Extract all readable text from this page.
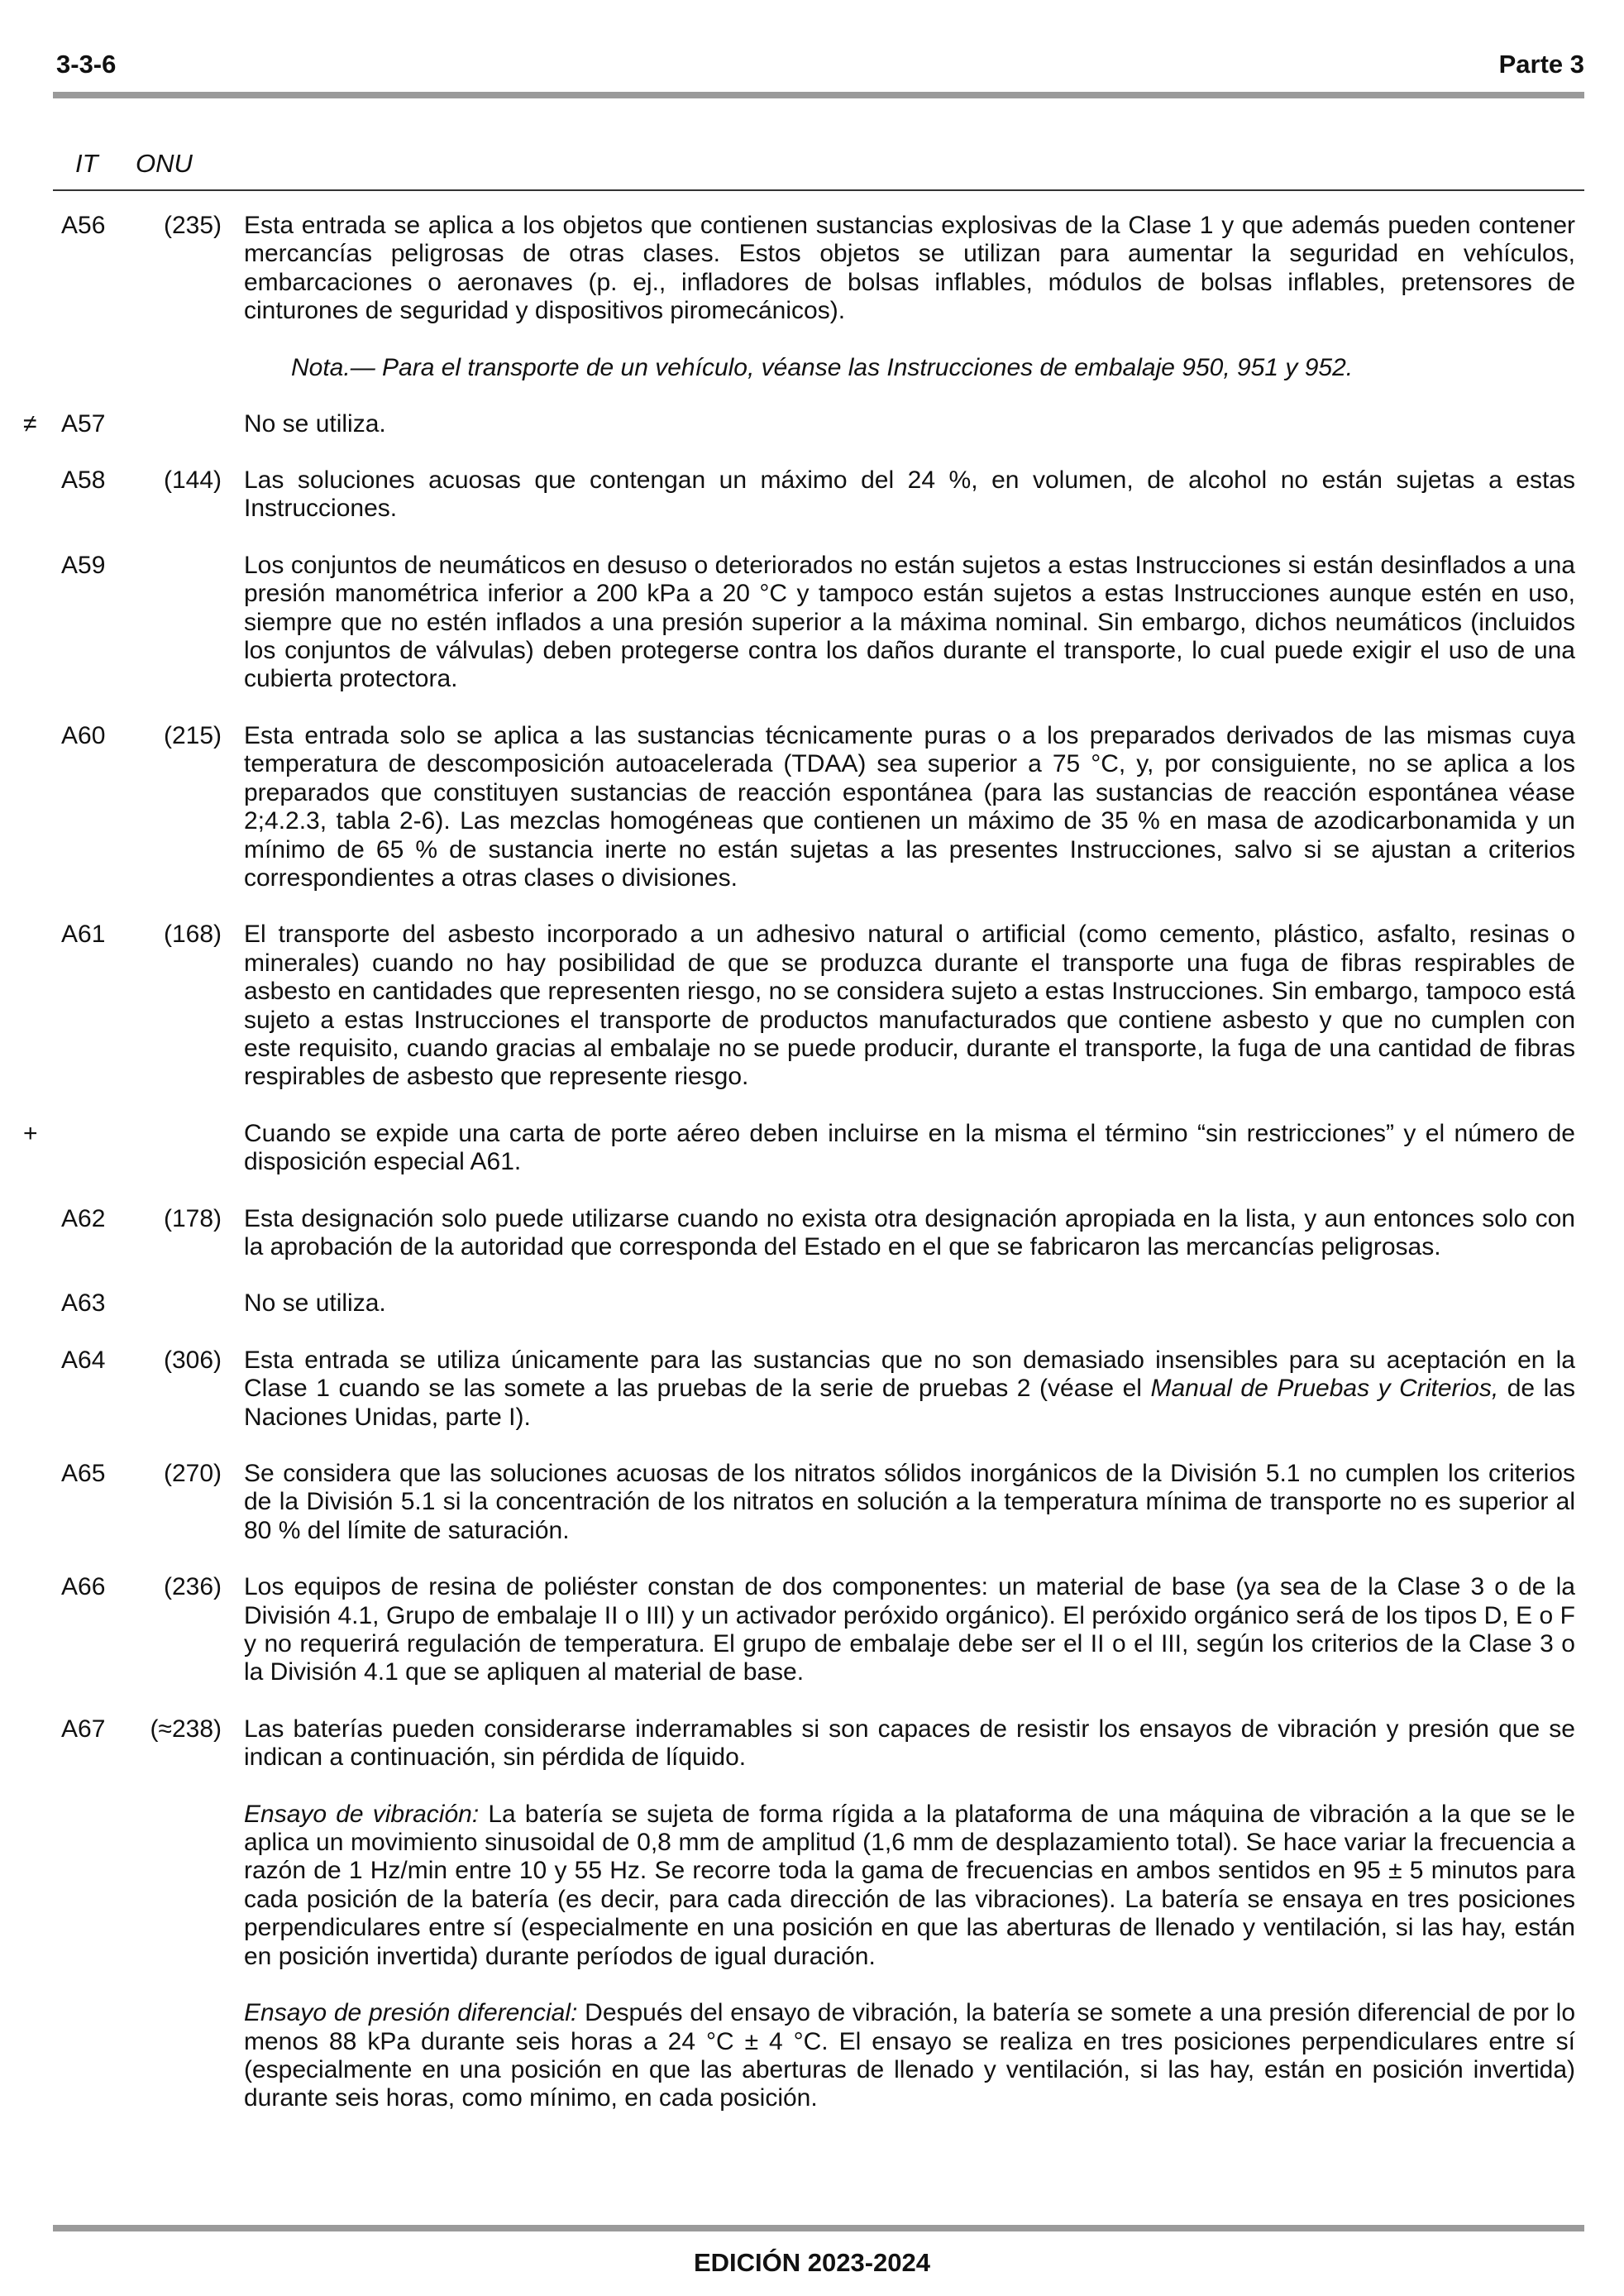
3-3-6	Parte 3
IT ONU
A56	(235) Esta entrada se aplica a los objetos que contienen sustancias explosivas de la Clase 1 y que además pueden contener mercancías peligrosas de otras clases. Estos objetos se utilizan para aumentar la seguridad en vehículos, embarcaciones o aeronaves (p. ej., infladores de bolsas inflables, módulos de bolsas inflables, pretensores de cinturones de seguridad y dispositivos piromecánicos).

Nota.— Para el transporte de un vehículo, véanse las Instrucciones de embalaje 950, 951 y 952.
≠ A57	No se utiliza.

A58	(144) Las soluciones acuosas que contengan un máximo del 24 %, en volumen, de alcohol no están sujetas a estas Instrucciones.

A59	Los conjuntos de neumáticos en desuso o deteriorados no están sujetos a estas Instrucciones si están desinflados a una presión manométrica inferior a 200 kPa a 20 °C y tampoco están sujetos a estas Instrucciones aunque estén en uso, siempre que no estén inflados a una presión superior a la máxima nominal. Sin embargo, dichos neumáticos (incluidos los conjuntos de válvulas) deben protegerse contra los daños durante el transporte, lo cual puede exigir el uso de una cubierta protectora.

A60	(215) Esta entrada solo se aplica a las sustancias técnicamente puras o a los preparados derivados de las mismas cuya temperatura de descomposición autoacelerada (TDAA) sea superior a 75 °C, y, por consiguiente, no se aplica a los preparados que constituyen sustancias de reacción espontánea (para las sustancias de reacción espontánea véase 2;4.2.3, tabla 2-6). Las mezclas homogéneas que contienen un máximo de 35 % en masa de azodicarbonamida y un mínimo de 65 % de sustancia inerte no están sujetas a las presentes Instrucciones, salvo si se ajustan a criterios correspondientes a otras clases o divisiones.

A61	(168) El transporte del asbesto incorporado a un adhesivo natural o artificial (como cemento, plástico, asfalto, resinas o minerales) cuando no hay posibilidad de que se produzca durante el transporte una fuga de fibras respirables de asbesto en cantidades que representen riesgo, no se considera sujeto a estas Instrucciones. Sin embargo, tampoco está sujeto a estas Instrucciones el transporte de productos manufacturados que contiene asbesto y que no cumplen con este requisito, cuando gracias al embalaje no se puede producir, durante el transporte, la fuga de una cantidad de fibras respirables de asbesto que represente riesgo.

+	Cuando se expide una carta de porte aéreo deben incluirse en la misma el término “sin restricciones” y el número de disposición especial A61.

A62	(178) Esta designación solo puede utilizarse cuando no exista otra designación apropiada en la lista, y aun entonces solo con la aprobación de la autoridad que corresponda del Estado en el que se fabricaron las mercancías peligrosas.

A63	No se utiliza.

A64	(306) Esta entrada se utiliza únicamente para las sustancias que no son demasiado insensibles para su aceptación en la Clase 1 cuando se las somete a las pruebas de la serie de pruebas 2 (véase el Manual de Pruebas y Criterios, de las Naciones Unidas, parte I).

A65	(270) Se considera que las soluciones acuosas de los nitratos sólidos inorgánicos de la División 5.1 no cumplen los criterios de la División 5.1 si la concentración de los nitratos en solución a la temperatura mínima de transporte no es superior al 80 % del límite de saturación.

A66	(236) Los equipos de resina de poliéster constan de dos componentes: un material de base (ya sea de la Clase 3 o de la División 4.1, Grupo de embalaje II o III) y un activador peróxido orgánico). El peróxido orgánico será de los tipos D, E o F y no requerirá regulación de temperatura. El grupo de embalaje debe ser el II o el III, según los criterios de la Clase 3 o la División 4.1 que se apliquen al material de base.

A67	(≈238) Las baterías pueden considerarse inderramables si son capaces de resistir los ensayos de vibración y presión que se indican a continuación, sin pérdida de líquido.

Ensayo de vibración: La batería se sujeta de forma rígida a la plataforma de una máquina de vibración a la que se le aplica un movimiento sinusoidal de 0,8 mm de amplitud (1,6 mm de desplazamiento total). Se hace variar la frecuencia a razón de 1 Hz/min entre 10 y 55 Hz. Se recorre toda la gama de frecuencias en ambos sentidos en 95 ± 5 minutos para cada posición de la batería (es decir, para cada dirección de las vibraciones). La batería se ensaya en tres posiciones perpendiculares entre sí (especialmente en una posición en que las aberturas de llenado y ventilación, si las hay, están en posición invertida) durante períodos de igual duración.

Ensayo de presión diferencial: Después del ensayo de vibración, la batería se somete a una presión diferencial de por lo menos 88 kPa durante seis horas a 24 °C ± 4 °C. El ensayo se realiza en tres posiciones perpendiculares entre sí (especialmente en una posición en que las aberturas de llenado y ventilación, si las hay, están en posición invertida) durante seis horas, como mínimo, en cada posición.

EDICIÓN 2023-2024
